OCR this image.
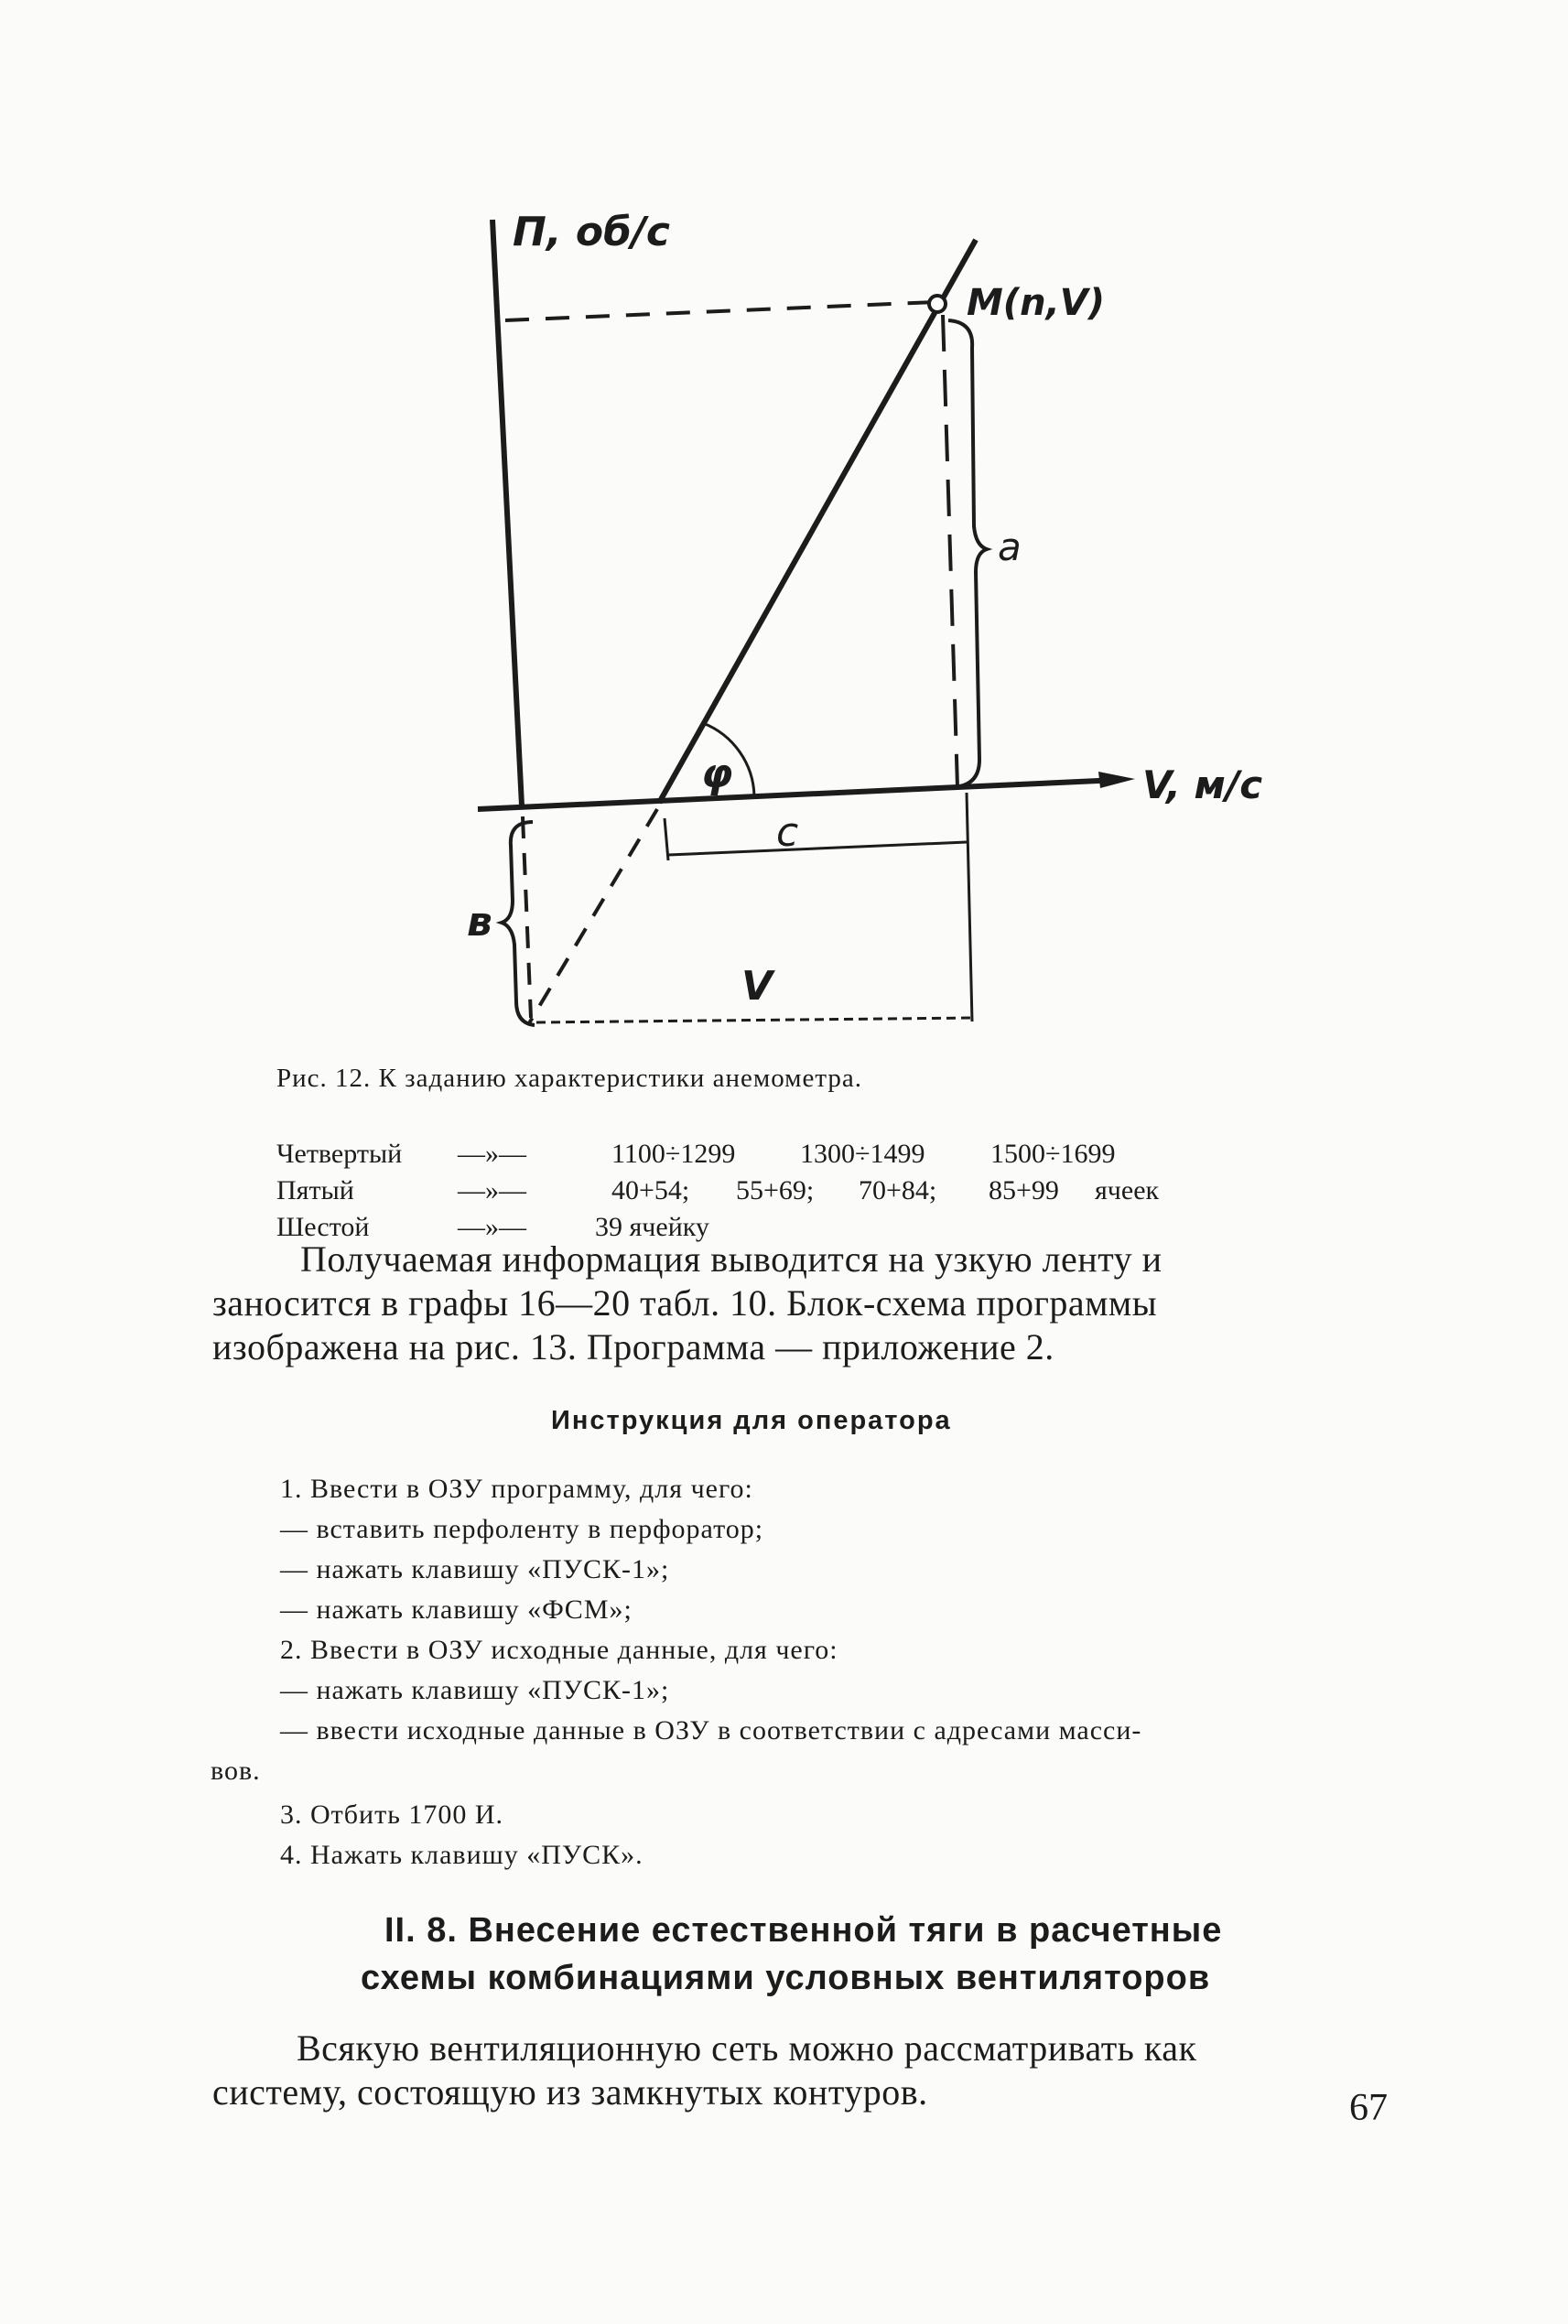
П, об/с
V, м/с
M(n,V)
a
φ
c
в
V
Рис. 12. К заданию характеристики анемометра.
Четвертый —»—	1100÷1299 1300÷1499 1500÷1699
Пятый	—»—	40+54; 55+69; 70+84; 85+99 ячеек
Шестой	—»—	39 ячейку
Получаемая информация выводится на узкую ленту и
заносится в графы 16—20 табл. 10. Блок-схема программы
изображена на рис. 13. Программа — приложение 2.
Инструкция для оператора
1. Ввести в ОЗУ программу, для чего:
— вставить перфоленту в перфоратор;
— нажать клавишу «ПУСК-1»;
— нажать клавишу «ФСМ»;
2. Ввести в ОЗУ исходные данные, для чего:
— нажать клавишу «ПУСК-1»;
— ввести исходные данные в ОЗУ в соответствии с адресами масси-
вов.
3. Отбить 1700 И.
4. Нажать клавишу «ПУСК».
II. 8. Внесение естественной тяги в расчетные
схемы комбинациями условных вентиляторов
Всякую вентиляционную сеть можно рассматривать как
систему, состоящую из замкнутых контуров.	67
